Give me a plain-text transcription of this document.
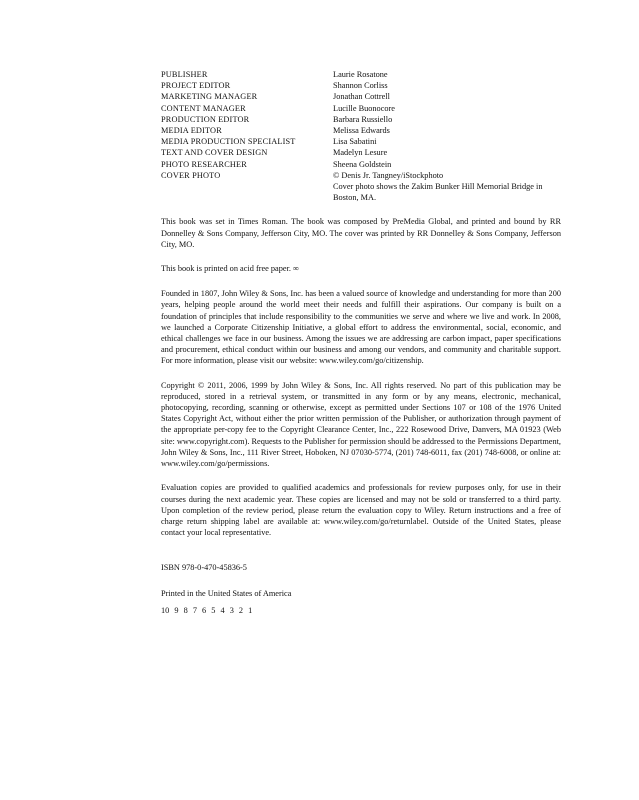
PUBLISHER	Laurie Rosatone
PROJECT EDITOR	Shannon Corliss
MARKETING MANAGER	Jonathan Cottrell
CONTENT MANAGER	Lucille Buonocore
PRODUCTION EDITOR	Barbara Russiello
MEDIA EDITOR	Melissa Edwards
MEDIA PRODUCTION SPECIALIST	Lisa Sabatini
TEXT AND COVER DESIGN	Madelyn Lesure
PHOTO RESEARCHER	Sheena Goldstein
COVER PHOTO	© Denis Jr. Tangney/iStockphoto
Cover photo shows the Zakim Bunker Hill Memorial Bridge in Boston, MA.

This book was set in Times Roman. The book was composed by PreMedia Global, and printed and bound by RR Donnelley & Sons Company, Jefferson City, MO. The cover was printed by RR Donnelley & Sons Company, Jefferson City, MO.

This book is printed on acid free paper. ∞

Founded in 1807, John Wiley & Sons, Inc. has been a valued source of knowledge and understanding for more than 200 years, helping people around the world meet their needs and fulfill their aspirations. Our company is built on a foundation of principles that include responsibility to the communities we serve and where we live and work. In 2008, we launched a Corporate Citizenship Initiative, a global effort to address the environmental, social, economic, and ethical challenges we face in our business. Among the issues we are addressing are carbon impact, paper specifications and procurement, ethical conduct within our business and among our vendors, and community and charitable support. For more information, please visit our website: www.wiley.com/go/citizenship.

Copyright © 2011, 2006, 1999 by John Wiley & Sons, Inc. All rights reserved. No part of this publication may be reproduced, stored in a retrieval system, or transmitted in any form or by any means, electronic, mechanical, photocopying, recording, scanning or otherwise, except as permitted under Sections 107 or 108 of the 1976 United States Copyright Act, without either the prior written permission of the Publisher, or authorization through payment of the appropriate per-copy fee to the Copyright Clearance Center, Inc., 222 Rosewood Drive, Danvers, MA 01923 (Web site: www.copyright.com). Requests to the Publisher for permission should be addressed to the Permissions Department, John Wiley & Sons, Inc., 111 River Street, Hoboken, NJ 07030-5774, (201) 748-6011, fax (201) 748-6008, or online at: www.wiley.com/go/permissions.

Evaluation copies are provided to qualified academics and professionals for review purposes only, for use in their courses during the next academic year. These copies are licensed and may not be sold or transferred to a third party. Upon completion of the review period, please return the evaluation copy to Wiley. Return instructions and a free of charge return shipping label are available at: www.wiley.com/go/returnlabel. Outside of the United States, please contact your local representative.

ISBN 978-0-470-45836-5

Printed in the United States of America

10 9 8 7 6 5 4 3 2 1
